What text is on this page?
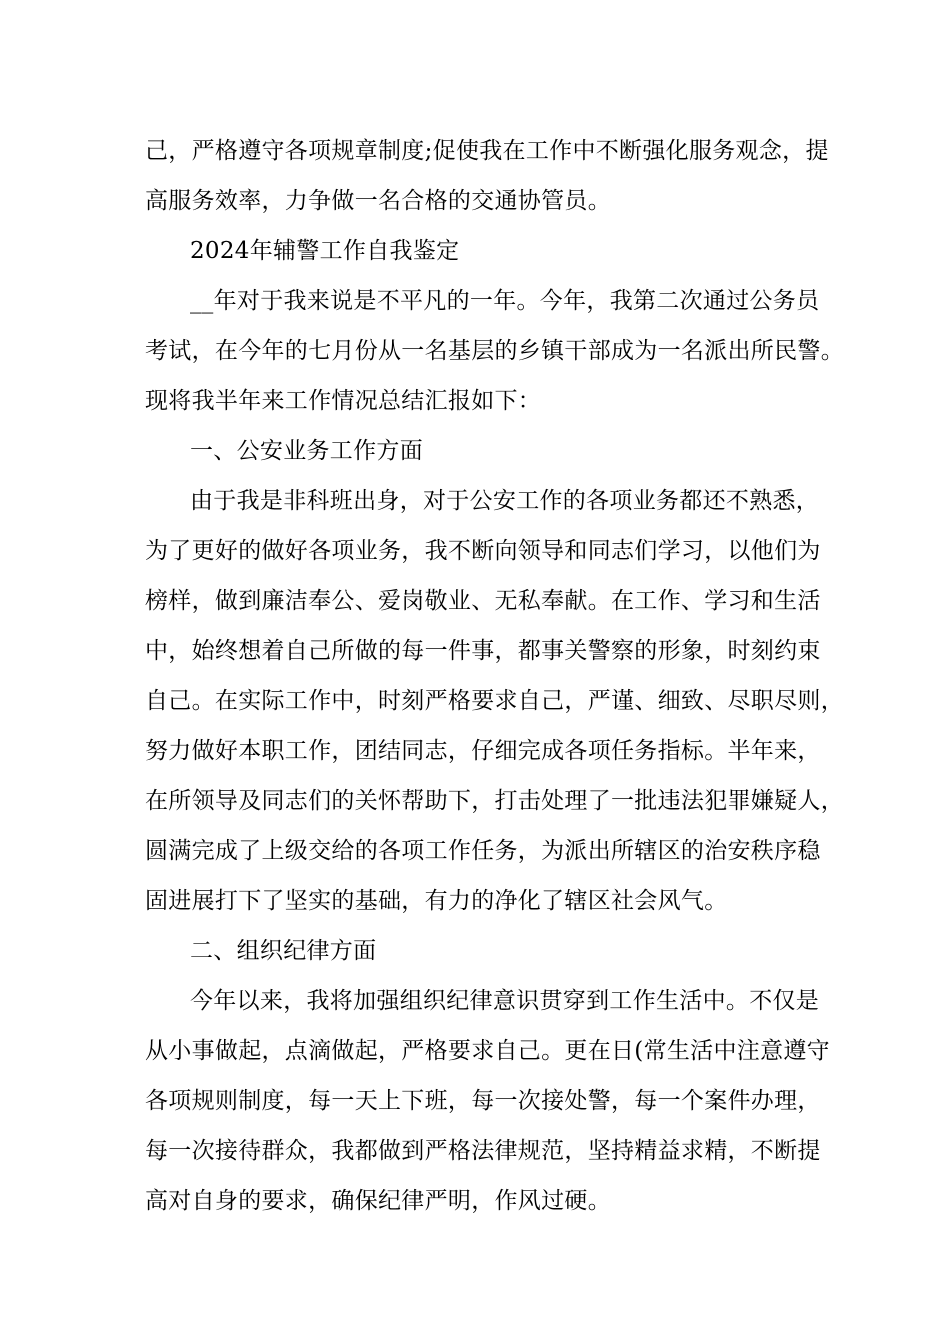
己，严格遵守各项规章制度;促使我在工作中不断强化服务观念，提
高服务效率，力争做一名合格的交通协管员。
2024年辅警工作自我鉴定
__年对于我来说是不平凡的一年。今年，我第二次通过公务员
考试，在今年的七月份从一名基层的乡镇干部成为一名派出所民警。
现将我半年来工作情况总结汇报如下：
一、公安业务工作方面
由于我是非科班出身，对于公安工作的各项业务都还不熟悉，
为了更好的做好各项业务，我不断向领导和同志们学习，以他们为
榜样，做到廉洁奉公、爱岗敬业、无私奉献。在工作、学习和生活
中，始终想着自己所做的每一件事，都事关警察的形象，时刻约束
自己。在实际工作中，时刻严格要求自己，严谨、细致、尽职尽则，
努力做好本职工作，团结同志，仔细完成各项任务指标。半年来，
在所领导及同志们的关怀帮助下，打击处理了一批违法犯罪嫌疑人，
圆满完成了上级交给的各项工作任务，为派出所辖区的治安秩序稳
固进展打下了坚实的基础，有力的净化了辖区社会风气。
二、组织纪律方面
今年以来，我将加强组织纪律意识贯穿到工作生活中。不仅是
从小事做起，点滴做起，严格要求自己。更在日(常生活中注意遵守
各项规则制度，每一天上下班，每一次接处警，每一个案件办理，
每一次接待群众，我都做到严格法律规范，坚持精益求精，不断提
高对自身的要求，确保纪律严明，作风过硬。
